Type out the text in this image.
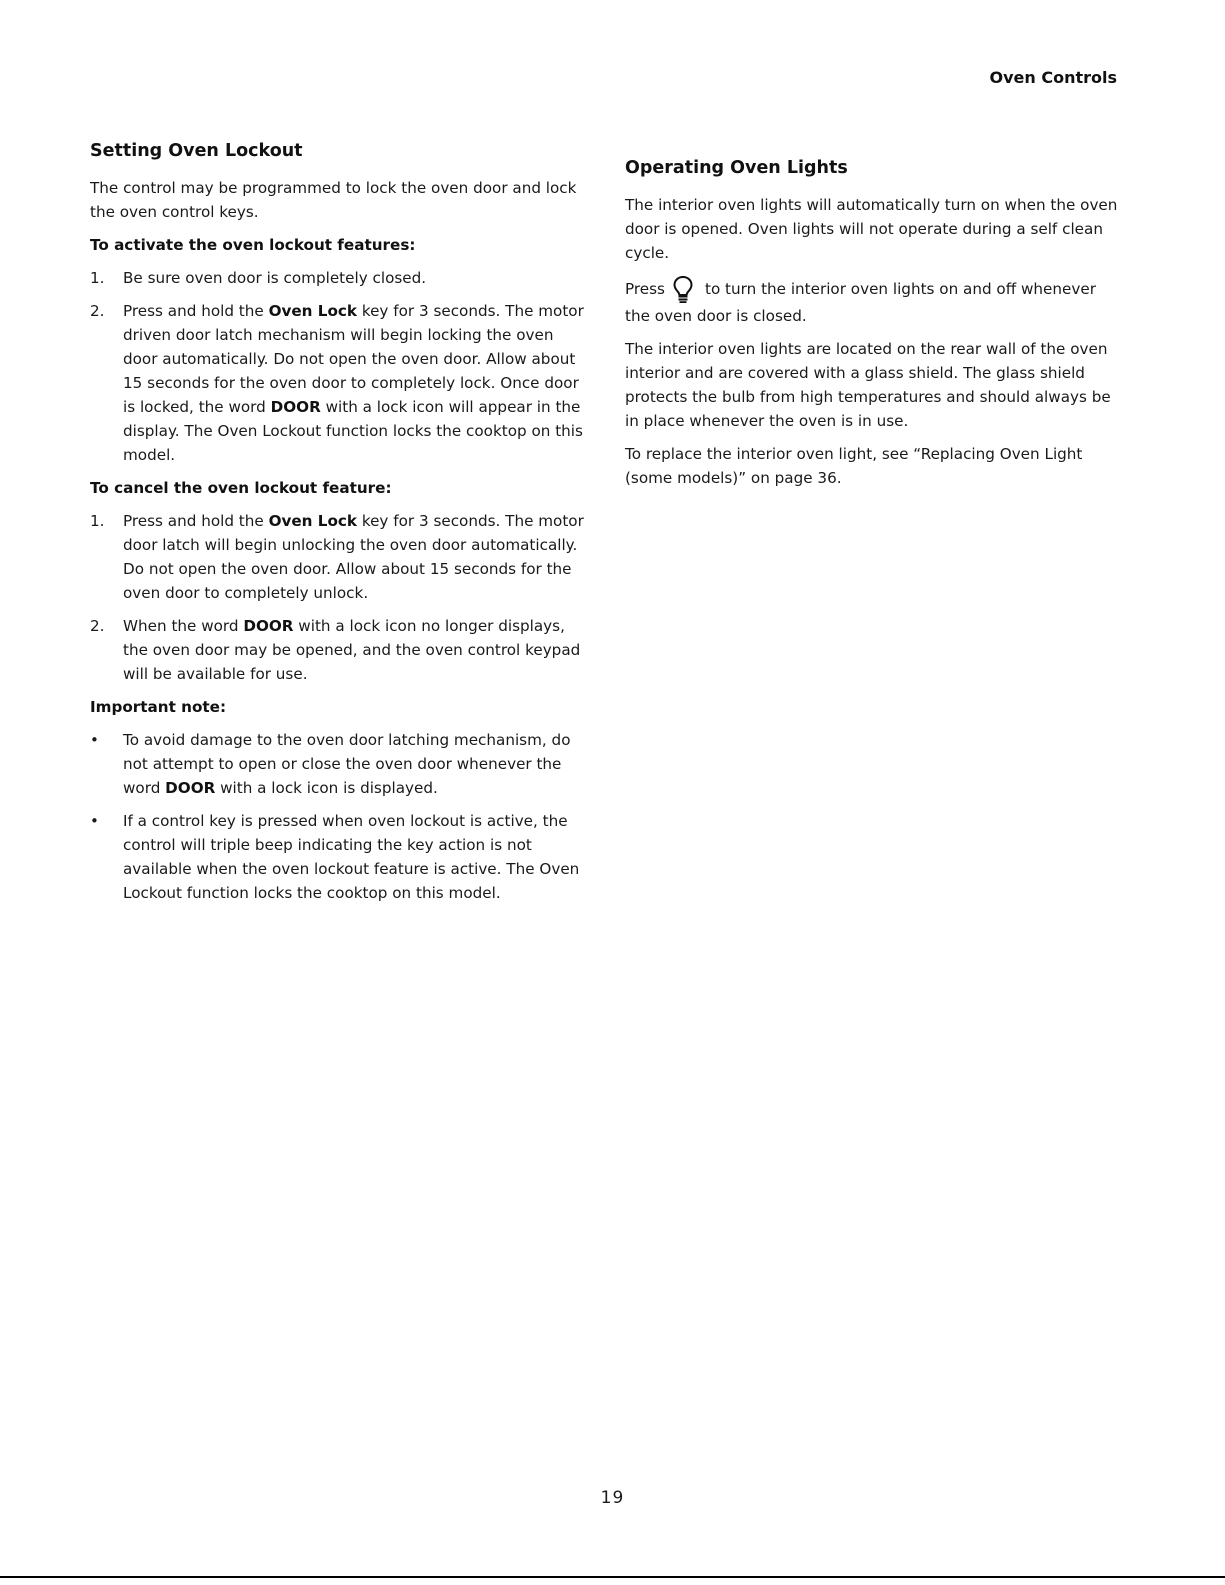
Oven Controls
Setting Oven Lockout

The control may be programmed to lock the oven door and lock the oven control keys.

To activate the oven lockout features:
1. Be sure oven door is completely closed.
2. Press and hold the Oven Lock key for 3 seconds. The motor driven door latch mechanism will begin locking the oven door automatically. Do not open the oven door. Allow about 15 seconds for the oven door to completely lock. Once door is locked, the word DOOR with a lock icon will appear in the display. The Oven Lockout function locks the cooktop on this model.
To cancel the oven lockout feature:
1. Press and hold the Oven Lock key for 3 seconds. The motor door latch will begin unlocking the oven door automatically. Do not open the oven door. Allow about 15 seconds for the oven door to completely unlock.
2. When the word DOOR with a lock icon no longer displays, the oven door may be opened, and the oven control keypad will be available for use.
Important note:
• To avoid damage to the oven door latching mechanism, do not attempt to open or close the oven door whenever the word DOOR with a lock icon is displayed.
• If a control key is pressed when oven lockout is active, the control will triple beep indicating the key action is not available when the oven lockout feature is active. The Oven Lockout function locks the cooktop on this model.
Operating Oven Lights

The interior oven lights will automatically turn on when the oven door is opened. Oven lights will not operate during a self clean cycle.

Press	to turn the interior oven lights on and off whenever the oven door is closed.

The interior oven lights are located on the rear wall of the oven interior and are covered with a glass shield. The glass shield protects the bulb from high temperatures and should always be in place whenever the oven is in use.

To replace the interior oven light, see “Replacing Oven Light (some models)” on page 36.

19
